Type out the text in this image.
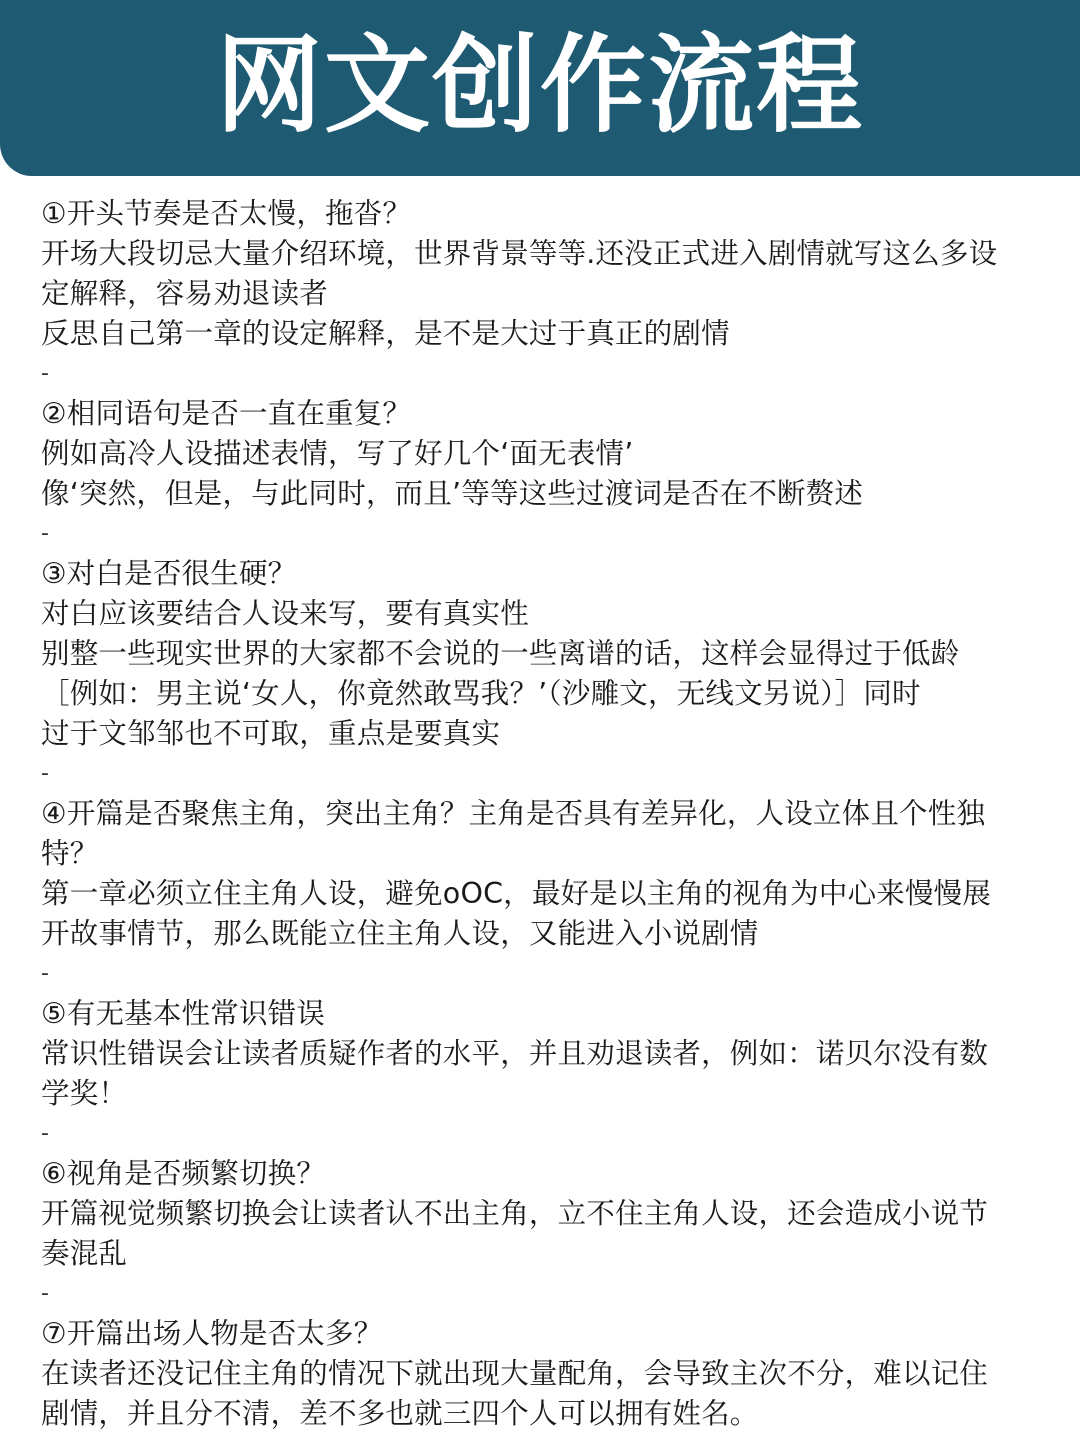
网文创作流程
①开头节奏是否太慢，拖沓？
开场大段切忌大量介绍环境，世界背景等等.还没正式进入剧情就写这么多设
定解释，容易劝退读者
反思自己第一章的设定解释，是不是大过于真正的剧情
-
②相同语句是否一直在重复？
例如高冷人设描述表情，写了好几个‘面无表情’
像‘突然，但是，与此同时，而且’等等这些过渡词是否在不断赘述
-
③对白是否很生硬？
对白应该要结合人设来写，要有真实性
别整一些现实世界的大家都不会说的一些离谱的话，这样会显得过于低龄
［例如：男主说‘女人，你竟然敢骂我？’（沙雕文，无线文另说）］同时
过于文邹邹也不可取，重点是要真实
-
④开篇是否聚焦主角，突出主角？主角是否具有差异化，人设立体且个性独
特？
第一章必须立住主角人设，避免oOC，最好是以主角的视角为中心来慢慢展
开故事情节，那么既能立住主角人设，又能进入小说剧情
-
⑤有无基本性常识错误
常识性错误会让读者质疑作者的水平，并且劝退读者，例如：诺贝尔没有数
学奖！
-
⑥视角是否频繁切换？
开篇视觉频繁切换会让读者认不出主角，立不住主角人设，还会造成小说节
奏混乱
-
⑦开篇出场人物是否太多？
在读者还没记住主角的情况下就出现大量配角，会导致主次不分，难以记住
剧情，并且分不清，差不多也就三四个人可以拥有姓名。
